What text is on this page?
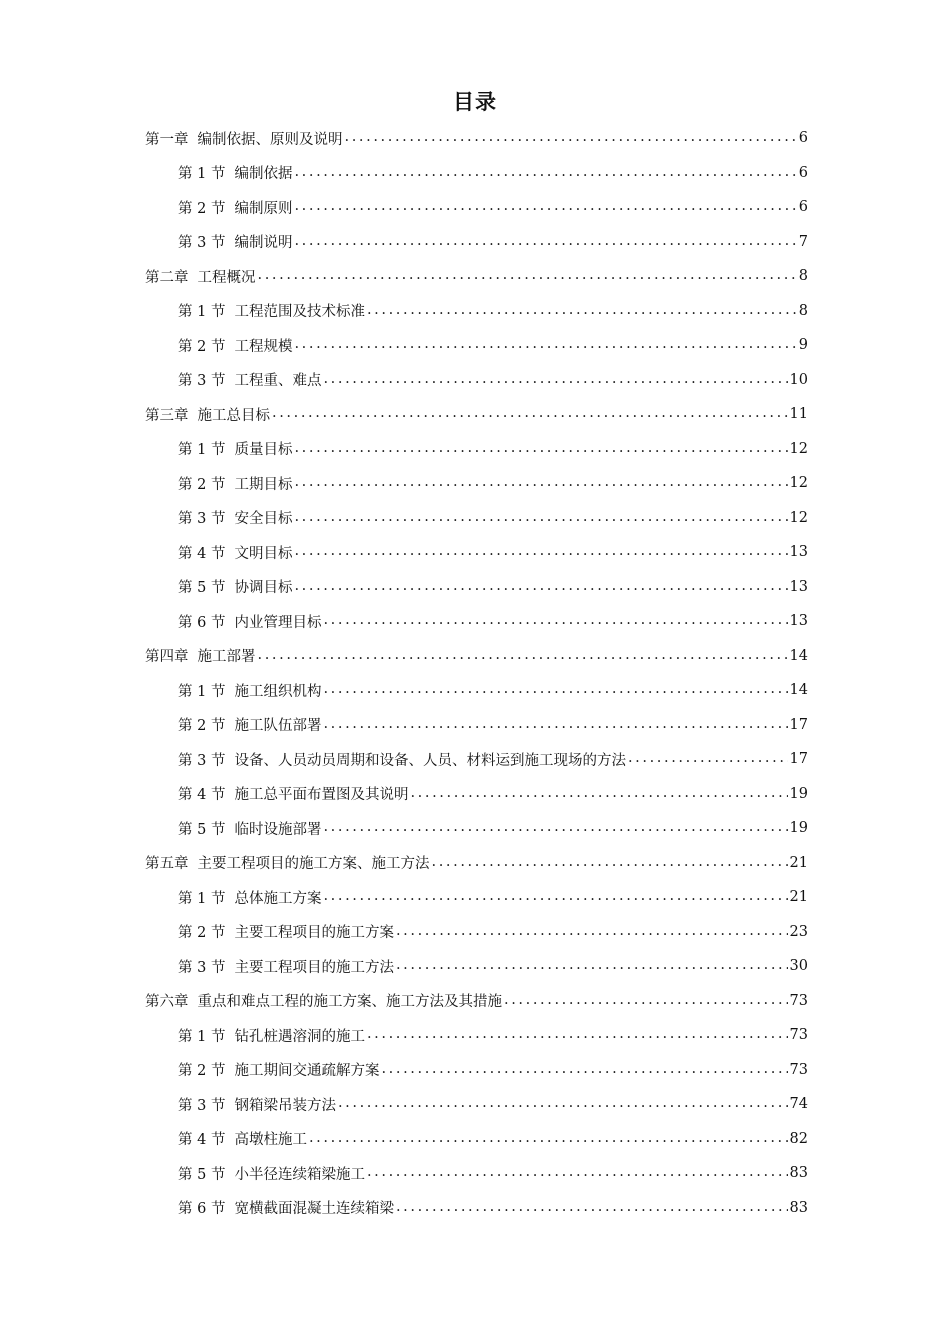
目录
第一章 编制依据、原则及说明 .....	6
第 1 节 编制依据 .....	6
第 2 节 编制原则 .....	6
第 3 节 编制说明 .....	7
第二章 工程概况 .....	8
第 1 节 工程范围及技术标准 .....	8
第 2 节 工程规模 .....	9
第 3 节 工程重、难点 .....	10
第三章 施工总目标 .....	11
第 1 节 质量目标 .....	12
第 2 节 工期目标 .....	12
第 3 节 安全目标 .....	12
第 4 节 文明目标 .....	13
第 5 节 协调目标 .....	13
第 6 节 内业管理目标 .....	13
第四章 施工部署 .....	14
第 1 节 施工组织机构 .....	14
第 2 节 施工队伍部署 .....	17
第 3 节 设备、人员动员周期和设备、人员、材料运到施工现场的方法 .....	17
第 4 节 施工总平面布置图及其说明 .....	19
第 5 节 临时设施部署 .....	19
第五章 主要工程项目的施工方案、施工方法 .....	21
第 1 节 总体施工方案 .....	21
第 2 节 主要工程项目的施工方案 .....	23
第 3 节 主要工程项目的施工方法 .....	30
第六章 重点和难点工程的施工方案、施工方法及其措施 .....	73
第 1 节 钻孔桩遇溶洞的施工 .....	73
第 2 节 施工期间交通疏解方案 .....	73
第 3 节 钢箱梁吊装方法 .....	74
第 4 节 高墩柱施工 .....	82
第 5 节 小半径连续箱梁施工 .....	83
第 6 节 宽横截面混凝土连续箱梁 .....	83
